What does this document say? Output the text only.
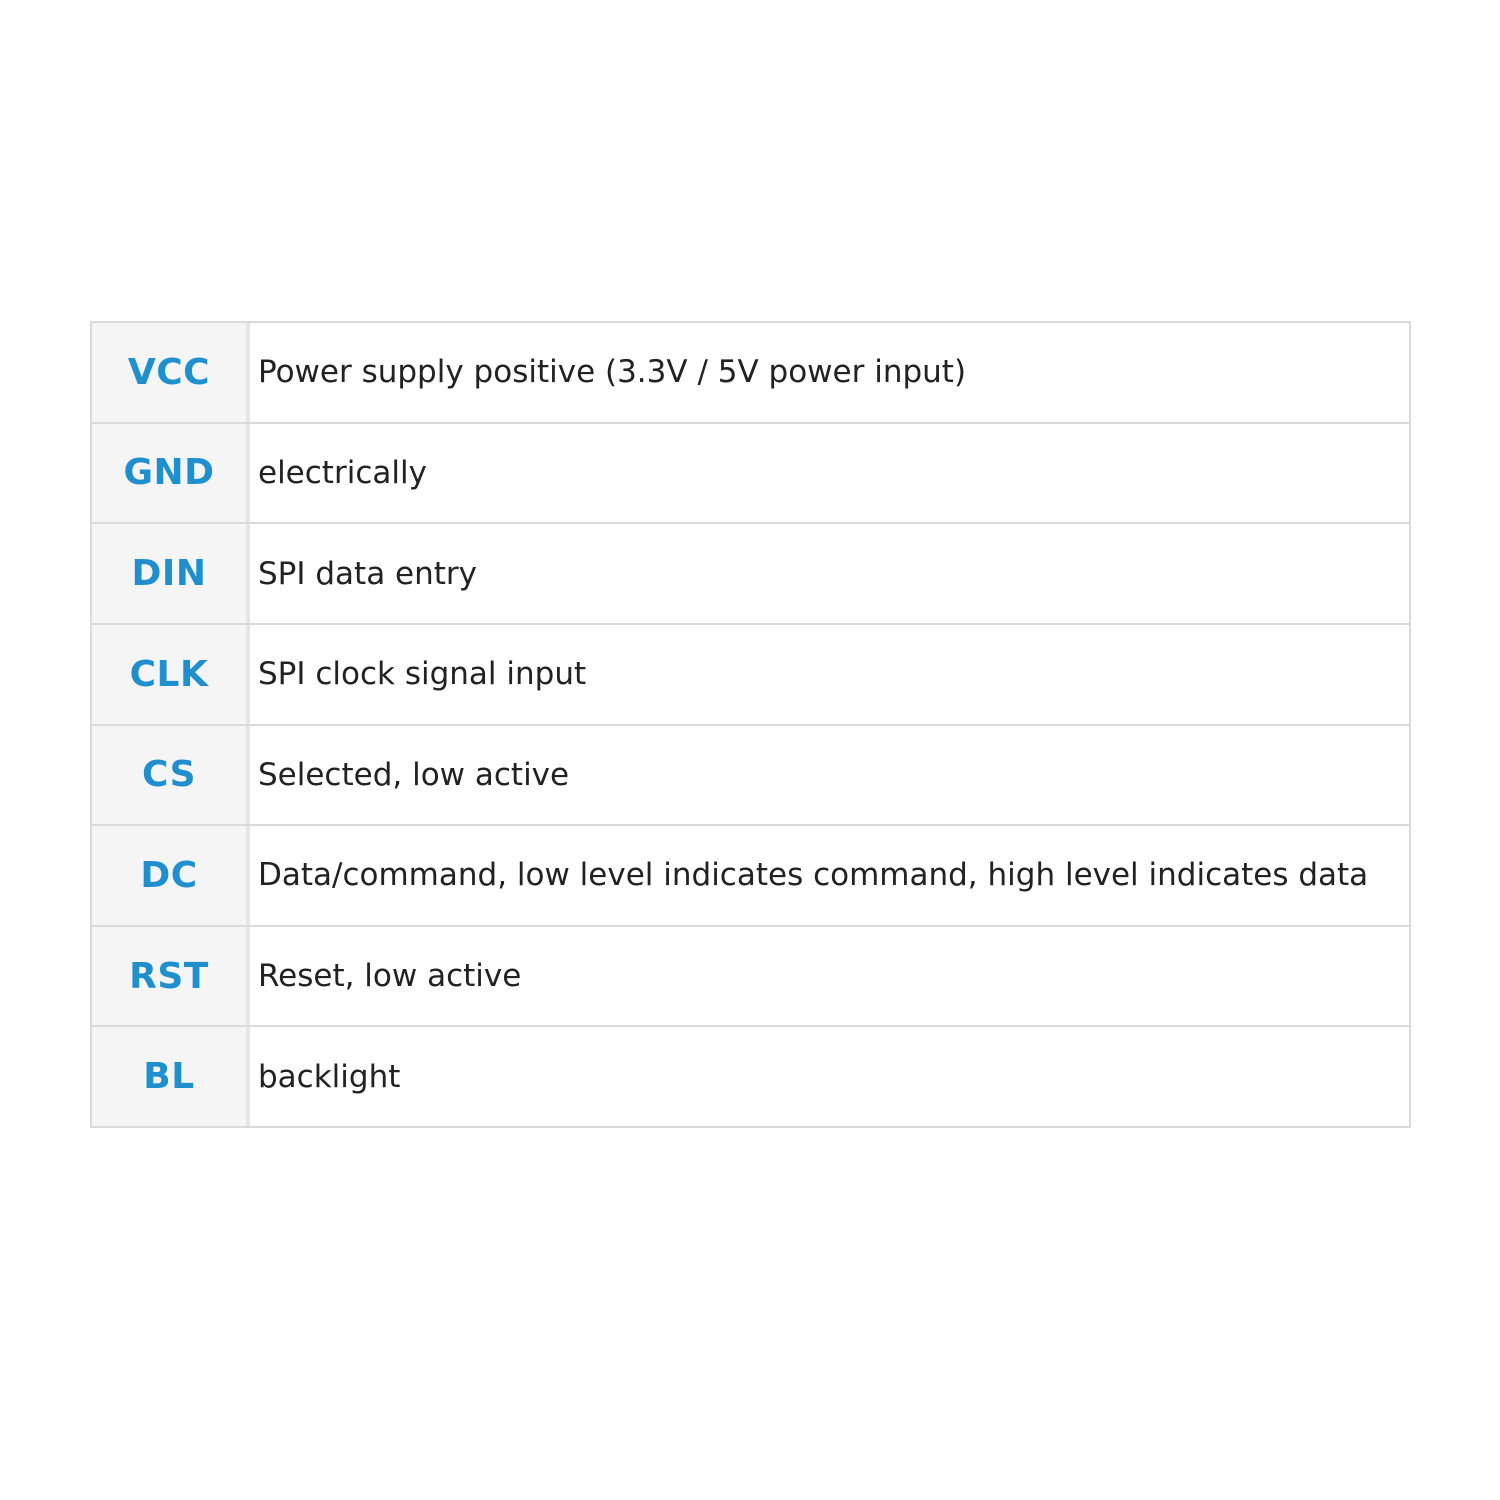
VCC	Power supply positive (3.3V / 5V power input)
GND	electrically
DIN	SPI data entry
CLK	SPI clock signal input
CS	Selected, low active
DC	Data/command, low level indicates command, high level indicates data
RST	Reset, low active
BL	backlight
